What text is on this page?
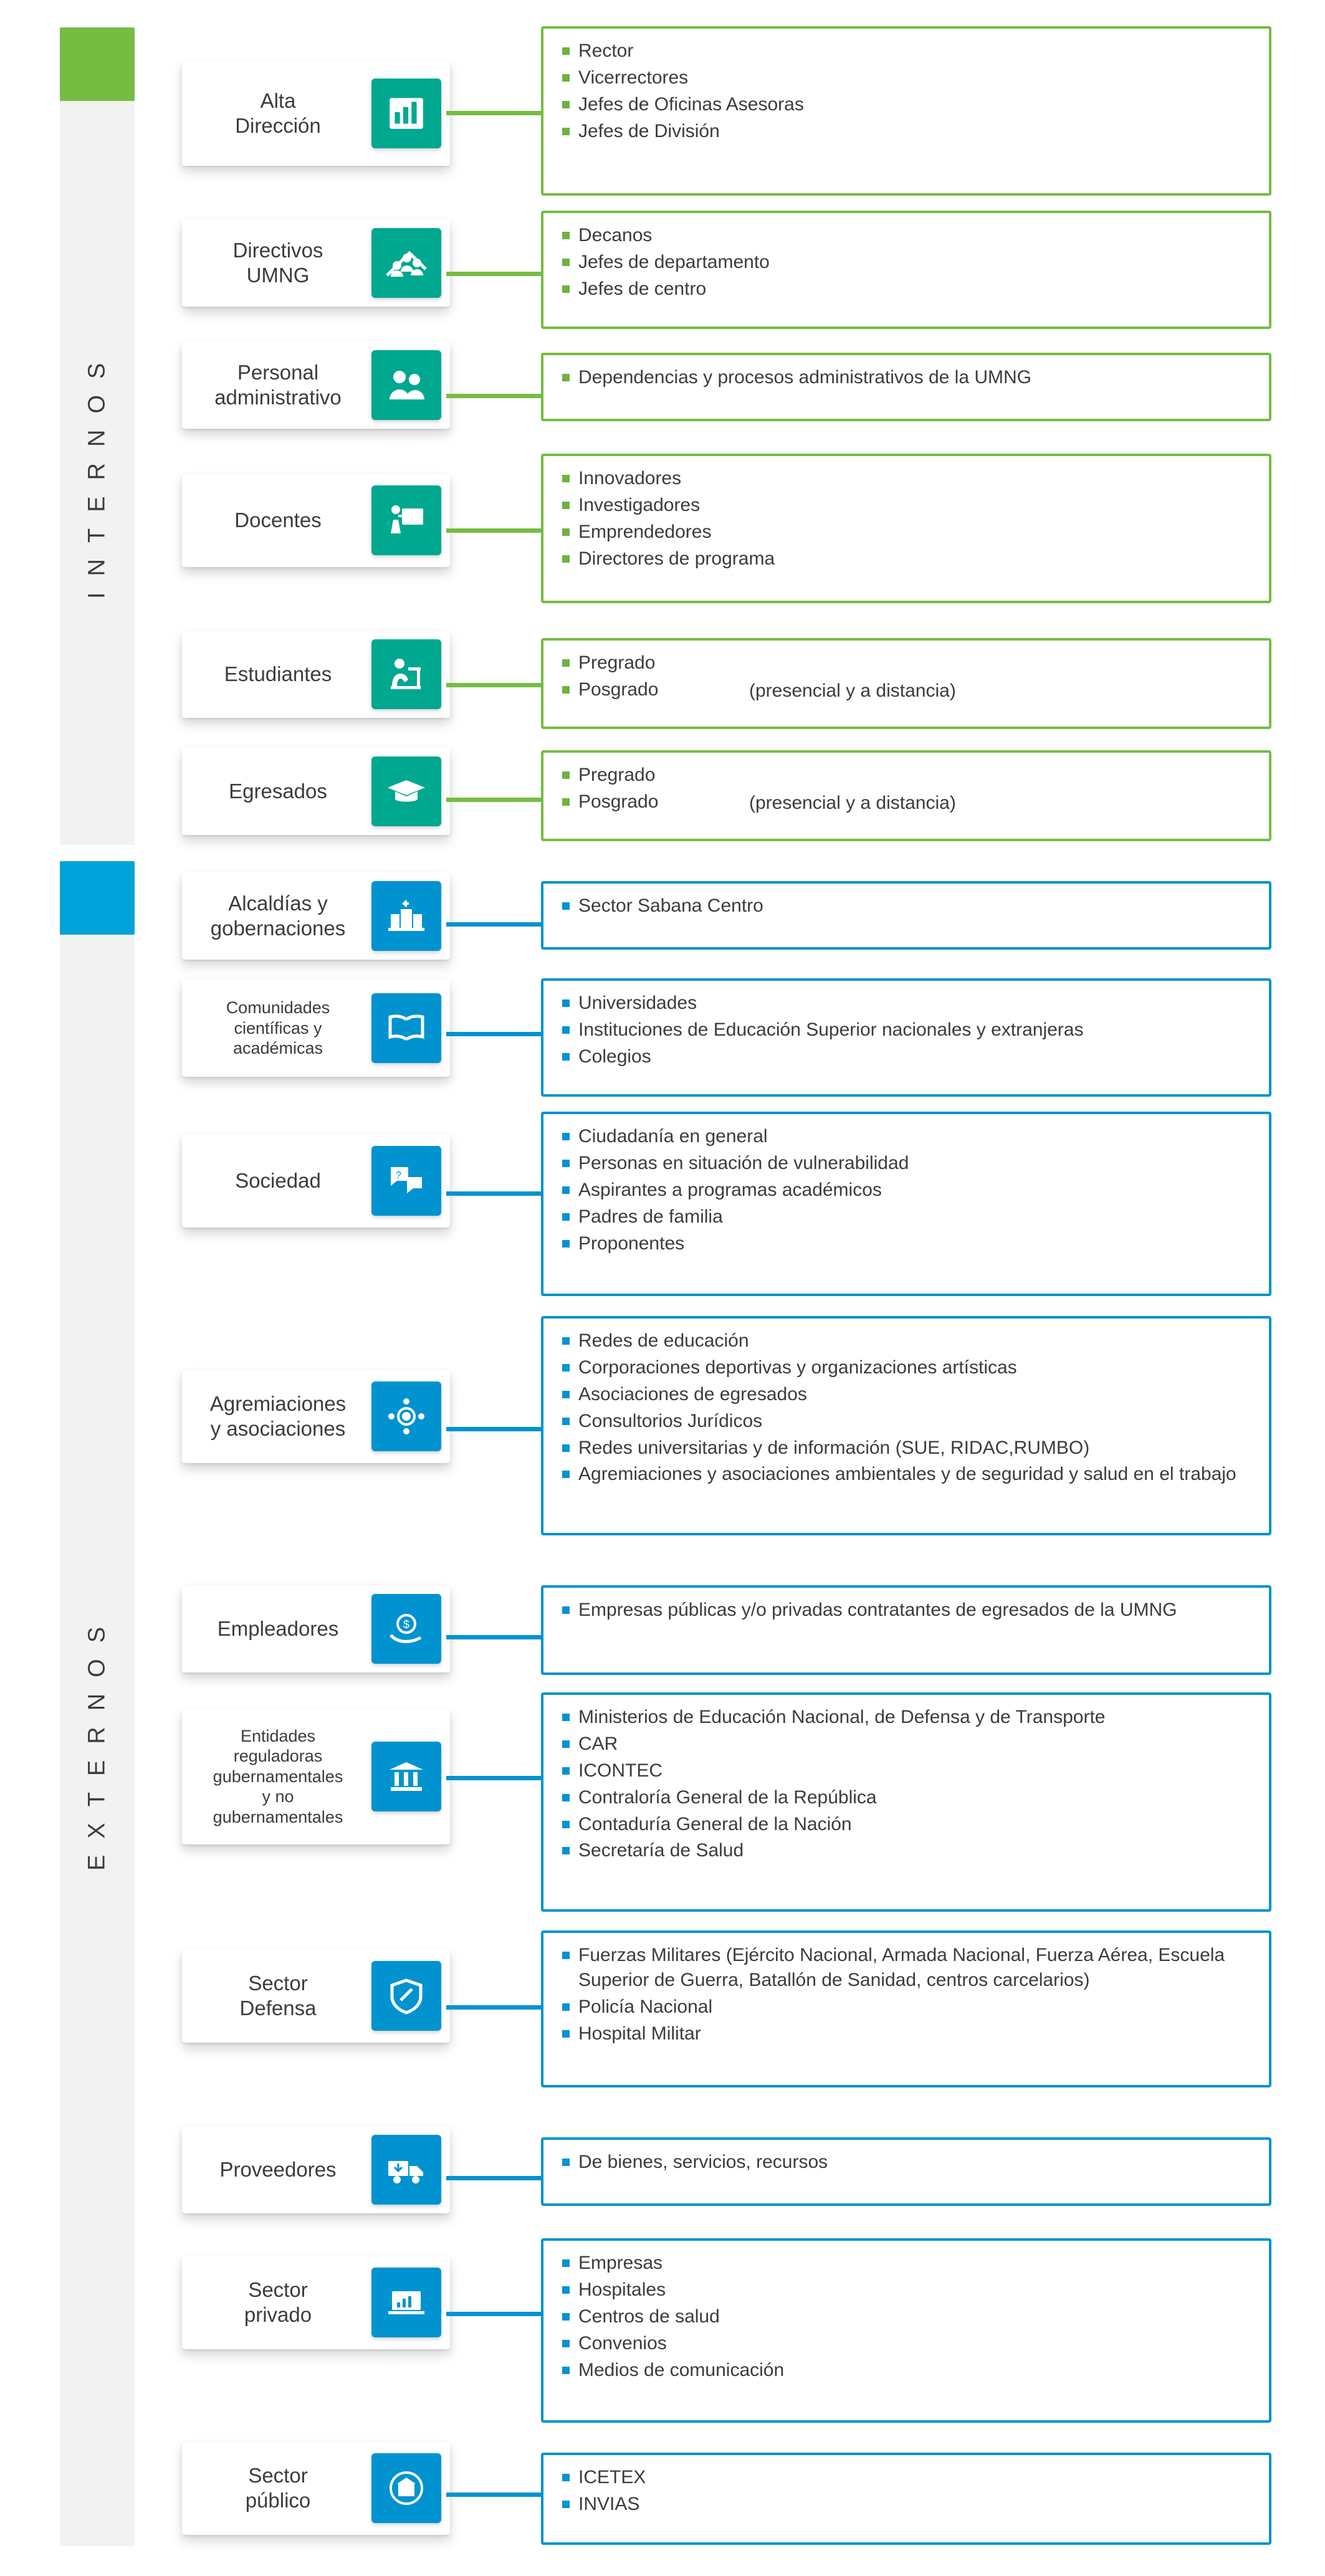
INTERNOS
EXTERNOS
Alta
Dirección
Rector
Vicerrectores
Jefes de Oficinas Asesoras
Jefes de División
Directivos
UMNG
Decanos
Jefes de departamento
Jefes de centro
Personal
administrativo
Dependencias y procesos administrativos de la UMNG
Docentes
Innovadores
Investigadores
Emprendedores
Directores de programa
Estudiantes	Pregrado
Posgrado	(presencial y a distancia)
Egresados
Pregrado
Posgrado	(presencial y a distancia)
Alcaldías y
gobernaciones
Sector Sabana Centro
Comunidades
científicas y
académicas
Universidades
Instituciones de Educación Superior nacionales y extranjeras
Colegios
Sociedad	?
Ciudadanía en general
Personas en situación de vulnerabilidad
Aspirantes a programas académicos
Padres de familia
Proponentes
Agremiaciones
y asociaciones
Redes de educación
Corporaciones deportivas y organizaciones artísticas
Asociaciones de egresados
Consultorios Jurídicos
Redes universitarias y de información (SUE, RIDAC,RUMBO)
Agremiaciones y asociaciones ambientales y de seguridad y salud en el trabajo
Empleadores	$
Empresas públicas y/o privadas contratantes de egresados de la UMNG
Entidades
reguladoras
gubernamentales
y no
gubernamentales
Ministerios de Educación Nacional, de Defensa y de Transporte
CAR
ICONTEC
Contraloría General de la República
Contaduría General de la Nación
Secretaría de Salud
Sector
Defensa
Fuerzas Militares (Ejército Nacional, Armada Nacional, Fuerza Aérea, Escuela Superior de Guerra, Batallón de Sanidad, centros carcelarios)
Policía Nacional
Hospital Militar
Proveedores	De bienes, servicios, recursos
Sector
privado
Empresas
Hospitales
Centros de salud
Convenios
Medios de comunicación
Sector
público
ICETEX
INVIAS
